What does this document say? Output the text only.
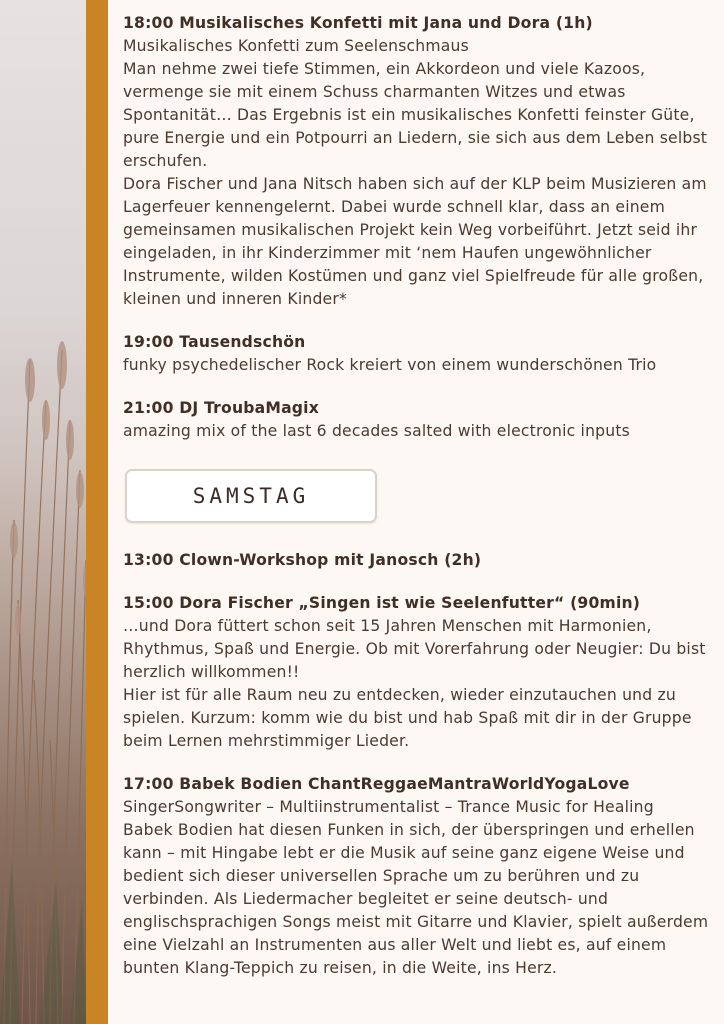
18:00 Musikalisches Konfetti mit Jana und Dora (1h)

Musikalisches Konfetti zum Seelenschmaus

Man nehme zwei tiefe Stimmen, ein Akkordeon und viele Kazoos, vermenge sie mit einem Schuss charmanten Witzes und etwas Spontanität… Das Ergebnis ist ein musikalisches Konfetti feinster Güte, pure Energie und ein Potpourri an Liedern, sie sich aus dem Leben selbst erschufen.

Dora Fischer und Jana Nitsch haben sich auf der KLP beim Musizieren am Lagerfeuer kennengelernt. Dabei wurde schnell klar, dass an einem gemeinsamen musikalischen Projekt kein Weg vorbeiführt. Jetzt seid ihr eingeladen, in ihr Kinderzimmer mit ‘nem Haufen ungewöhnlicher Instrumente, wilden Kostümen und ganz viel Spielfreude für alle großen, kleinen und inneren Kinder*

19:00 Tausendschön

funky psychedelischer Rock kreiert von einem wunderschönen Trio

21:00 DJ TroubaMagix

amazing mix of the last 6 decades salted with electronic inputs

SAMSTAG
13:00 Clown-Workshop mit Janosch (2h)
15:00 Dora Fischer „Singen ist wie Seelenfutter“ (90min)

…und Dora füttert schon seit 15 Jahren Menschen mit Harmonien, Rhythmus, Spaß und Energie. Ob mit Vorerfahrung oder Neugier: Du bist herzlich willkommen!!

Hier ist für alle Raum neu zu entdecken, wieder einzutauchen und zu spielen. Kurzum: komm wie du bist und hab Spaß mit dir in der Gruppe beim Lernen mehrstimmiger Lieder.

17:00 Babek Bodien ChantReggaeMantraWorldYogaLove

SingerSongwriter – Multiinstrumentalist – Trance Music for Healing

Babek Bodien hat diesen Funken in sich, der überspringen und erhellen kann – mit Hingabe lebt er die Musik auf seine ganz eigene Weise und bedient sich dieser universellen Sprache um zu berühren und zu verbinden. Als Liedermacher begleitet er seine deutsch- und englischsprachigen Songs meist mit Gitarre und Klavier, spielt außerdem eine Vielzahl an Instrumenten aus aller Welt und liebt es, auf einem bunten Klang-Teppich zu reisen, in die Weite, ins Herz.
